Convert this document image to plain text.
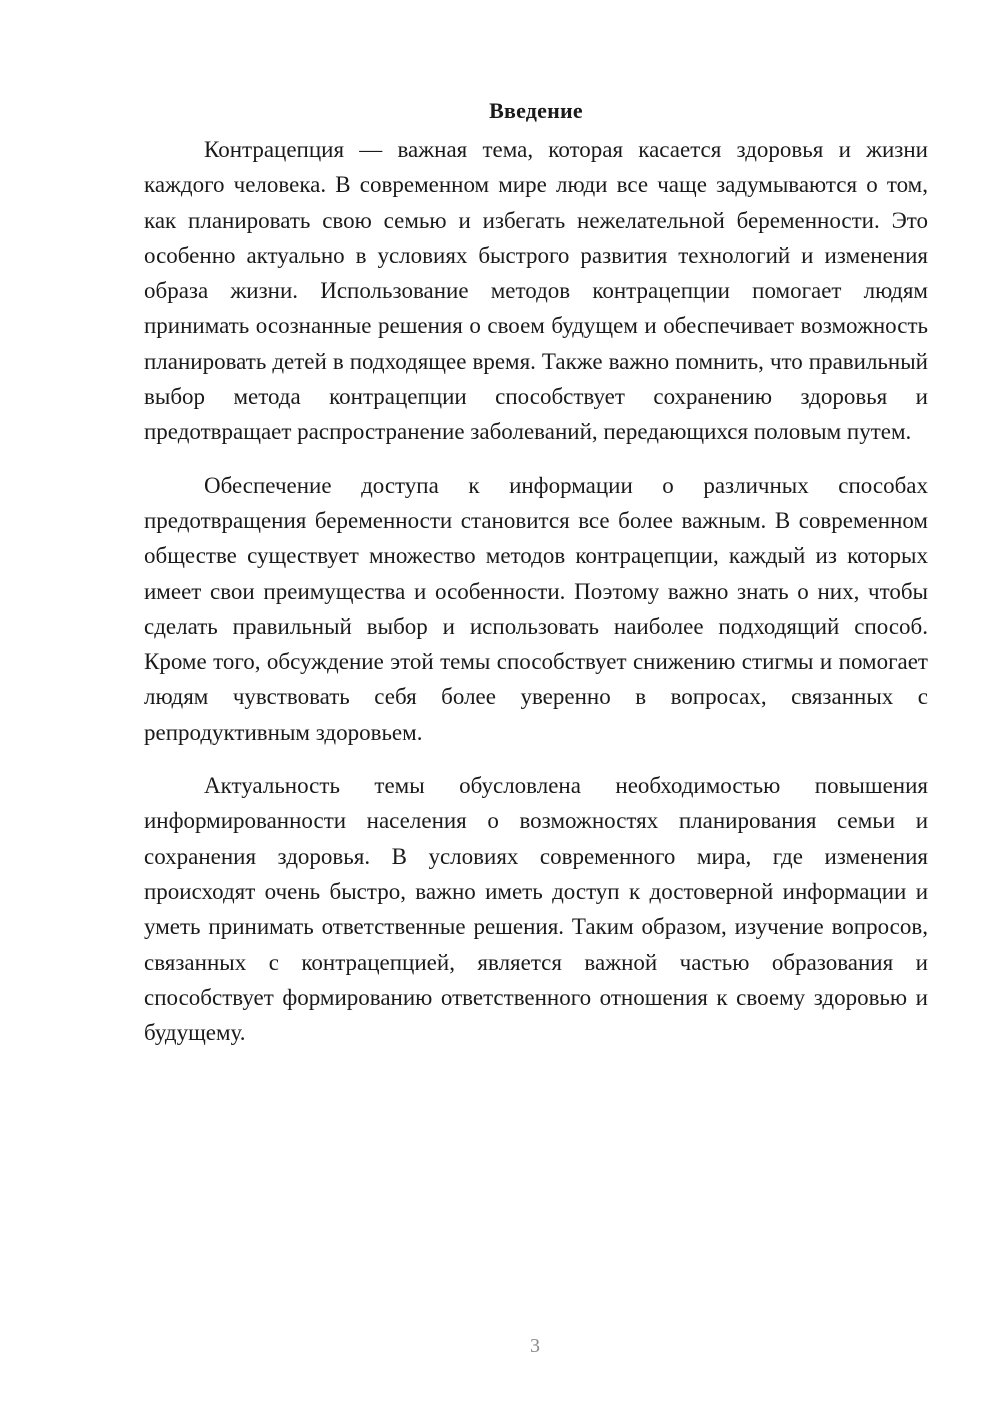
Введение

Контрацепция — важная тема, которая касается здоровья и жизни каждого человека. В современном мире люди все чаще задумываются о том, как планировать свою семью и избегать нежелательной беременности. Это особенно актуально в условиях быстрого развития технологий и изменения образа жизни. Использование методов контрацепции помогает людям принимать осознанные решения о своем будущем и обеспечивает возможность планировать детей в подходящее время. Также важно помнить, что правильный выбор метода контрацепции способствует сохранению здоровья и предотвращает распространение заболеваний, передающихся половым путем.

Обеспечение доступа к информации о различных способах предотвращения беременности становится все более важным. В современном обществе существует множество методов контрацепции, каждый из которых имеет свои преимущества и особенности. Поэтому важно знать о них, чтобы сделать правильный выбор и использовать наиболее подходящий способ. Кроме того, обсуждение этой темы способствует снижению стигмы и помогает людям чувствовать себя более уверенно в вопросах, связанных с репродуктивным здоровьем.

Актуальность темы обусловлена необходимостью повышения информированности населения о возможностях планирования семьи и сохранения здоровья. В условиях современного мира, где изменения происходят очень быстро, важно иметь доступ к достоверной информации и уметь принимать ответственные решения. Таким образом, изучение вопросов, связанных с контрацепцией, является важной частью образования и способствует формированию ответственного отношения к своему здоровью и будущему.

3
